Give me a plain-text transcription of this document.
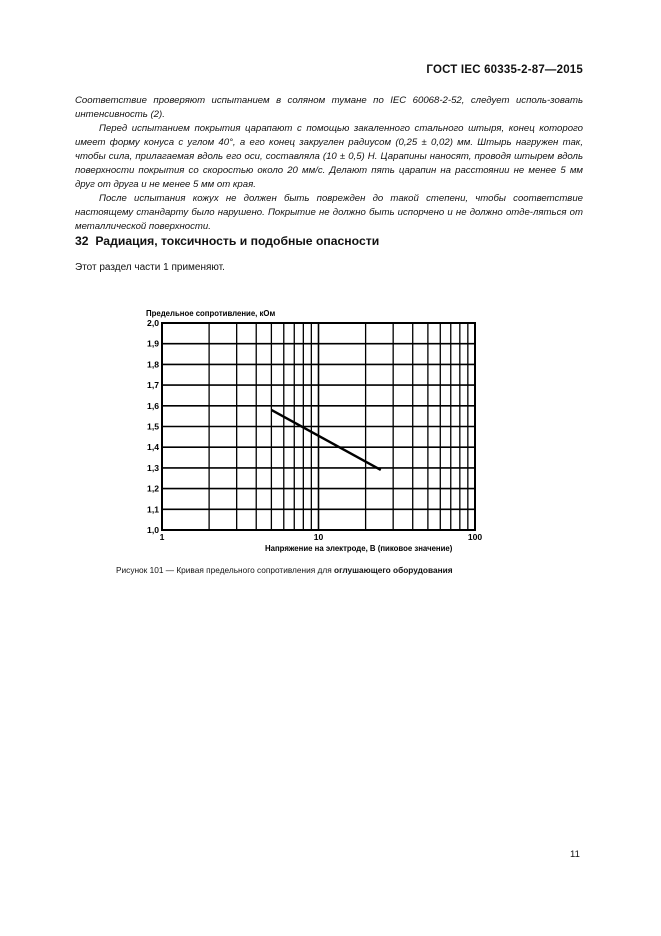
ГОСТ IEC 60335-2-87—2015

Соответствие проверяют испытанием в соляном тумане по IEC 60068-2-52, следует исполь-зовать интенсивность (2).

Перед испытанием покрытия царапают с помощью закаленного стального штыря, конец которого имеет форму конуса с углом 40°, а его конец закруглен радиусом (0,25 ± 0,02) мм. Штырь нагружен так, чтобы сила, прилагаемая вдоль его оси, составляла (10 ± 0,5) Н. Царапины наносят, проводя штырем вдоль поверхности покрытия со скоростью около 20 мм/с. Делают пять царапин на расстоянии не менее 5 мм друг от друга и не менее 5 мм от края.

После испытания кожух не должен быть поврежден до такой степени, чтобы соответствие настоящему стандарту было нарушено. Покрытие не должно быть испорчено и не должно отде-ляться от металлической поверхности.

32 Радиация, токсичность и подобные опасности
Этот раздел части 1 применяют.
1,0
1,1
1,2
1,3
1,4
1,5
1,6
1,7
1,8
1,9
2,0
1	10	100
Предельное сопротивление, кОм
Напряжение на электроде, В (пиковое значение)
Рисунок 101 — Кривая предельного сопротивления для оглушающего оборудования
11
